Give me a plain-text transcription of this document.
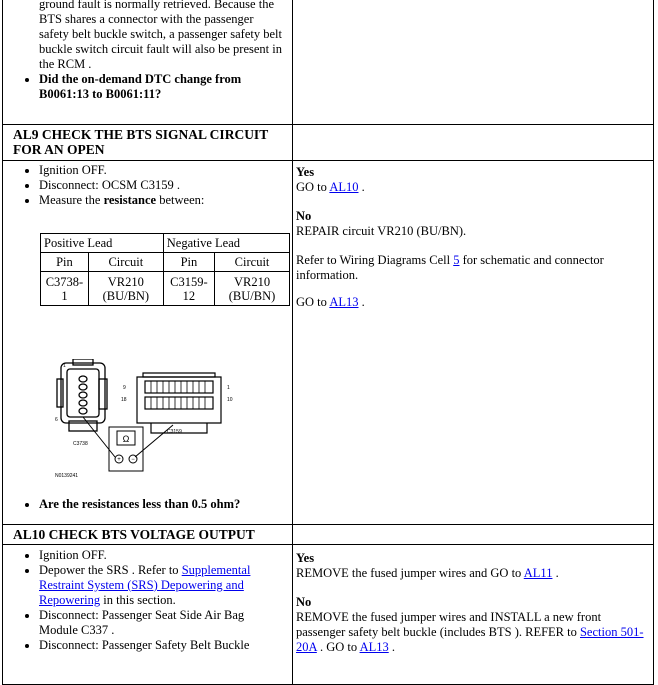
ground fault is normally retrieved. Because the
BTS shares a connector with the passenger
safety belt buckle switch, a passenger safety belt
buckle switch circuit fault will also be present in
the RCM .
• Did the on-demand DTC change from B0061:13 to B0061:11?

AL9 CHECK THE BTS SIGNAL CIRCUIT FOR AN OPEN

• Ignition OFF.
• Disconnect: OCSM C3159 .
• Measure the resistance between:
Positive Lead	Negative Lead
Pin	Circuit	Pin	Circuit
C3738-1	VR210 (BU/BN)	C3159-12	VR210 (BU/BN)
Ω
+ −
1
6
9
18
1
10
C3738
C3159
N0139241
• Are the resistances less than 0.5 ohm?

Yes

GO to AL10 .

No

REPAIR circuit VR210 (BU/BN).

Refer to Wiring Diagrams Cell 5 for schematic and connector information.

GO to AL13 .

AL10 CHECK BTS VOLTAGE OUTPUT

• Ignition OFF.
• Depower the SRS . Refer to Supplemental Restraint System (SRS) Depowering and Repowering in this section.
• Disconnect: Passenger Seat Side Air Bag Module C337 .
• Disconnect: Passenger Safety Belt Buckle

Yes

REMOVE the fused jumper wires and GO to AL11 .

No

REMOVE the fused jumper wires and INSTALL a new front passenger safety belt buckle (includes BTS ). REFER to Section 501-20A . GO to AL13 .
